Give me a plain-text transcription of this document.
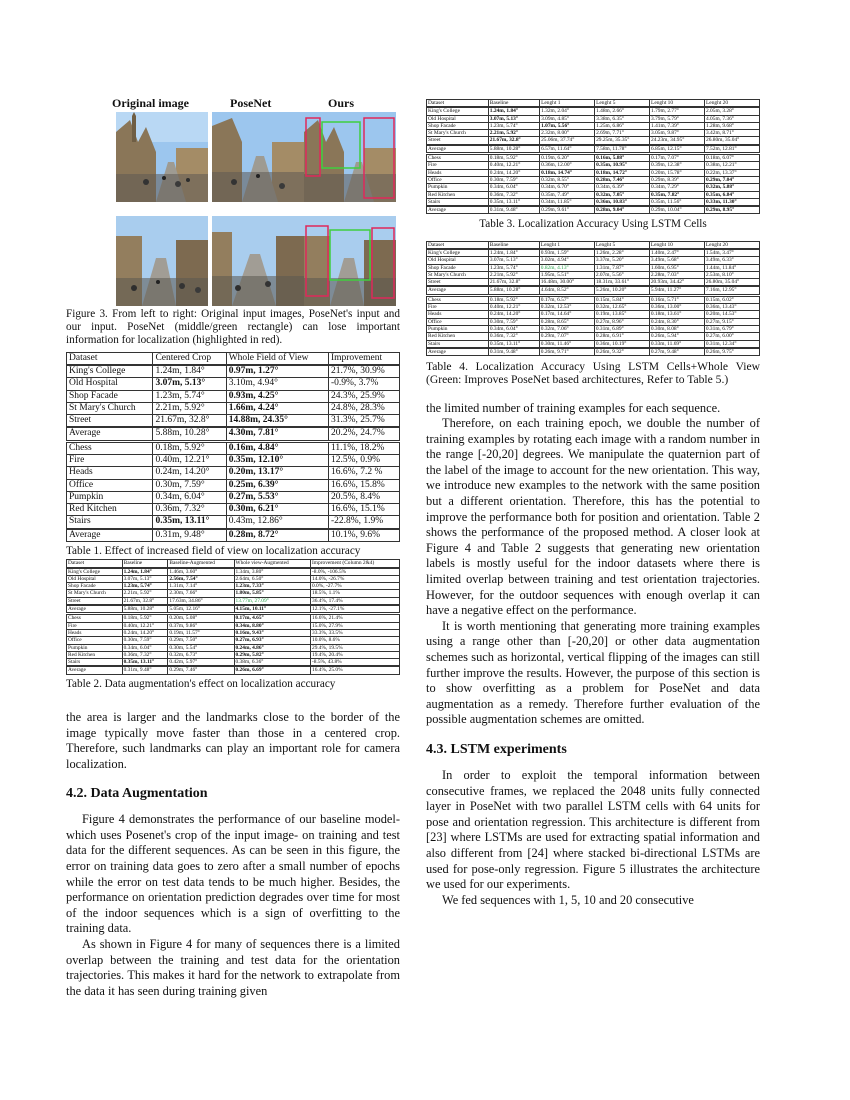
Original image	PoseNet	Ours

Figure 3. From left to right: Original input images, PoseNet's input and our input. PoseNet (middle/green rectangle) can lose important information for localization (highlighted in red).

Dataset	Centered Crop	Whole Field of View	Improvement
King's College	1.24m, 1.84°	0.97m, 1.27°	21.7%, 30.9%
Old Hospital	3.07m, 5.13°	3.10m, 4.94°	-0.9%, 3.7%
Shop Facade	1.23m, 5.74°	0.93m, 4.25°	24.3%, 25.9%
St Mary's Church	2.21m, 5.92°	1.66m, 4.24°	24.8%, 28.3%
Street	21.67m, 32.8°	14.88m, 24.35°	31.3%, 25.7%
Average	5.88m, 10.28°	4.30m, 7.81°	20.2%, 24.7%
Chess	0.18m, 5.92°	0.16m, 4.84°	11.1%, 18.2%
Fire	0.40m, 12.21°	0.35m, 12.10°	12.5%, 0.9%
Heads	0.24m, 14.20°	0.20m, 13.17°	16.6%, 7.2 %
Office	0.30m, 7.59°	0.25m, 6.39°	16.6%, 15.8%
Pumpkin	0.34m, 6.04°	0.27m, 5.53°	20.5%, 8.4%
Red Kitchen	0.36m, 7.32°	0.30m, 6.21°	16.6%, 15.1%
Stairs	0.35m, 13.11°	0.43m, 12.86°	-22.8%, 1.9%
Average	0.31m, 9.48°	0.28m, 8.72°	10.1%, 9.6%

Table 1. Effect of increased field of view on localization accuracy

Dataset	Baseline	Baseline-Augmented	Whole view-Augmented	Improvement (Column 2&4)
King's College	1.24m, 1.84°	1.46m, 3.60°	1.34m, 3.80°	-8.0%, -106.5%
Old Hospital	3.07m, 5.13°	2.56m, 7.54°	2.64m, 6.50°	14.0%, -26.7%
Shop Facade	1.23m, 5.74°	1.31m, 7.14°	1.23m, 7.33°	0.0%, -27.7%
St Mary's Church	2.21m, 5.92°	2.30m, 7.66°	1.80m, 5.85°	18.5%, 1.1%
Street	21.67m, 32.8°	17.63m, 34.86°	13.77m, 27.09°	36.4%, 17.4%
Average	5.88m, 10.28°	5.05m, 12.16°	4.15m, 10.11°	12.1%, -27.1%
Chess	0.18m, 5.92°	0.20m, 5.08°	0.17m, 4.65°	16.6%, 21.4%
Fire	0.40m, 12.21°	0.37m, 9.86°	0.34m, 8.80°	15.0%, 27.9%
Heads	0.24m, 14.20°	0.19m, 11.57°	0.16m, 9.43°	33.3%, 33.5%
Office	0.30m, 7.59°	0.29m, 7.50°	0.27m, 6.93°	10.0%, 8.6%
Pumpkin	0.34m, 6.04°	0.30m, 5.54°	0.24m, 4.86°	29.4%, 19.5%
Red Kitchen	0.36m, 7.32°	0.32m, 6.73°	0.29m, 5.82°	19.4%, 20.4%
Stairs	0.35m, 13.11°	0.42m, 5.97°	0.38m, 6.36°	-8.5%, 43.8%
Average	0.31m, 9.48°	0.29m, 7.46°	0.26m, 6.69°	16.4%, 25.0%

Table 2. Data augmentation's effect on localization accuracy

the area is larger and the landmarks close to the border of the image typically move faster than those in a centered crop. Therefore, such landmarks can play an important role for camera localization.

4.2. Data Augmentation

Figure 4 demonstrates the performance of our baseline model-which uses Posenet's crop of the input image- on training and test data for the different sequences. As can be seen in this figure, the error on training data goes to zero after a small number of epochs while the error on test data tends to be much higher. Besides, the performance on orientation prediction degrades over time for most of the indoor sequences which is a sign of overfitting to the training data.

As shown in Figure 4 for many of sequences there is a limited overlap between the training and test data for the orientation trajectories. This makes it hard for the network to extrapolate from the data it has seen during training given

Dataset	Baseline	Lenght 1	Lenght 5	Lenght 10	Lenght 20
King's College	1.24m, 1.84°	1.32m, 2.04°	1.48m, 2.66°	1.79m, 2.77°	2.05m, 3.28°
Old Hospital	3.07m, 5.13°	3.09m, 4.85°	3.38m, 6.35°	3.79m, 5.79°	4.05m, 7.36°
Shop Facade	1.23m, 5.74°	1.07m, 5.56°	1.25m, 6.86°	1.41m, 7.39°	1.28m, 9.68°
St Mary's Church	2.21m, 5.92°	2.32m, 8.00°	2.69m, 7.71°	3.05m, 9.87°	3.42m, 8.71°
Street	21.67m, 32.8°	25.06m, 37.74°	29.25m, 35.35°	24.23m, 34.95°	26.80m, 35.04°
Average	5.88m, 10.28°	6.57m, 11.64°	7.58m, 11.78°	6.85m, 12.15°	7.52m, 12.81°
Chess	0.18m, 5.92°	0.19m, 6.20°	0.16m, 5.88°	0.17m, 7.07°	0.18m, 6.07°
Fire	0.40m, 12.21°	0.36m, 12.00°	0.35m, 10.95°	0.39m, 12.38°	0.38m, 12.21°
Heads	0.24m, 14.20°	0.18m, 14.74°	0.18m, 14.72°	0.20m, 15.78°	0.22m, 13.37°
Office	0.30m, 7.59°	0.32m, 8.55°	0.28m, 7.46°	0.29m, 8.39°	0.29m, 7.04°
Pumpkin	0.34m, 6.04°	0.34m, 6.70°	0.34m, 6.39°	0.34m, 7.29°	0.32m, 5.88°
Red Kitchen	0.36m, 7.32°	0.35m, 7.49°	0.32m, 7.05°	0.35m, 7.82°	0.35m, 6.84°
Stairs	0.35m, 13.11°	0.34m, 11.85°	0.36m, 10.83°	0.35m, 11.56°	0.33m, 11.30°
Average	0.31m, 9.48°	0.29m, 9.61°	0.28m, 9.04°	0.29m, 10.04°	0.29m, 8.95°

Table 3. Localization Accuracy Using LSTM Cells

Dataset	Baseline	Lenght 1	Lenght 5	Lenght 10	Lenght 20
King's College	1.24m, 1.84°	0.93m, 1.59°	1.26m, 2.28°	1.40m, 2.47°	1.54m, 3.47°
Old Hospital	3.07m, 5.13°	3.02m, 4.94°	3.37m, 5.20°	3.49m, 5.68°	3.49m, 6.33°
Shop Facade	1.23m, 5.74°	0.82m, 4.13°	1.31m, 7.87°	1.60m, 6.95°	1.44m, 11.84°
St Mary's Church	2.21m, 5.92°	1.95m, 5.51°	2.07m, 5.56°	2.28m, 7.03°	2.53m, 8.10°
Street	21.67m, 32.8°	16.48m, 30.00°	18.31m, 33.61°	20.93m, 34.42°	26.80m, 35.04°
Average	5.88m, 10.28°	4.64m, 8.52°	5.26m, 10.20°	5.94m, 11.27°	7.16m, 12.95°
Chess	0.18m, 5.92°	0.17m, 6.57°	0.15m, 5.84°	0.16m, 5.71°	0.15m, 6.02°
Fire	0.40m, 12.21°	0.32m, 12.53°	0.32m, 12.65°	0.36m, 13.00°	0.36m, 13.43°
Heads	0.24m, 14.20°	0.17m, 14.64°	0.19m, 13.85°	0.18m, 13.61°	0.20m, 14.53°
Office	0.30m, 7.59°	0.28m, 8.65°	0.27m, 8.96°	0.24m, 8.30°	0.27m, 9.15°
Pumpkin	0.34m, 6.04°	0.32m, 7.06°	0.31m, 6.89°	0.30m, 8.08°	0.31m, 6.79°
Red Kitchen	0.36m, 7.32°	0.29m, 7.07°	0.28m, 6.91°	0.26m, 5.94°	0.27m, 6.00°
Stairs	0.35m, 13.11°	0.30m, 11.46°	0.36m, 10.19°	0.33m, 11.69°	0.31m, 12.34°
Average	0.31m, 9.48°	0.26m, 9.71°	0.26m, 9.32°	0.27m, 9.48°	0.26m, 9.75°

Table 4. Localization Accuracy Using LSTM Cells+Whole View (Green: Improves PoseNet based architectures, Refer to Table 5.)

the limited number of training examples for each sequence.

Therefore, on each training epoch, we double the number of training examples by rotating each image with a random number in the range [-20,20] degrees. We manipulate the quaternion part of the label of the image to account for the new orientation. This way, we introduce new examples to the network with the same position but a different orientation. Therefore, this has the potential to improve the performance both for position and orientation. Table 2 shows the performance of the proposed method. A closer look at Figure 4 and Table 2 suggests that generating new orientation labels is mostly useful for the indoor datasets where there is limited overlap between training and test orientation trajectories. However, for the outdoor sequences with enough overlap it can have a negative effect on the performance.

It is worth mentioning that generating more training examples using a range other than [-20,20] or other data augmentation schemes such as horizontal, vertical flipping of the images can still further improve the results. However, the purpose of this section is to show overfitting as a problem for PoseNet and data augmentation as a remedy. Therefore further evaluation of the possible augmentation schemes are omitted.

4.3. LSTM experiments

In order to exploit the temporal information between consecutive frames, we replaced the 2048 units fully connected layer in PoseNet with two parallel LSTM cells with 64 units for pose and orientation regression. This architecture is different from [23] where LSTMs are used for extracting spatial information and also different from [24] where stacked bi-directional LSTMs are used for pose-only regression. Figure 5 illustrates the architecture we used for our experiments.

We fed sequences with 1, 5, 10 and 20 consecutive
